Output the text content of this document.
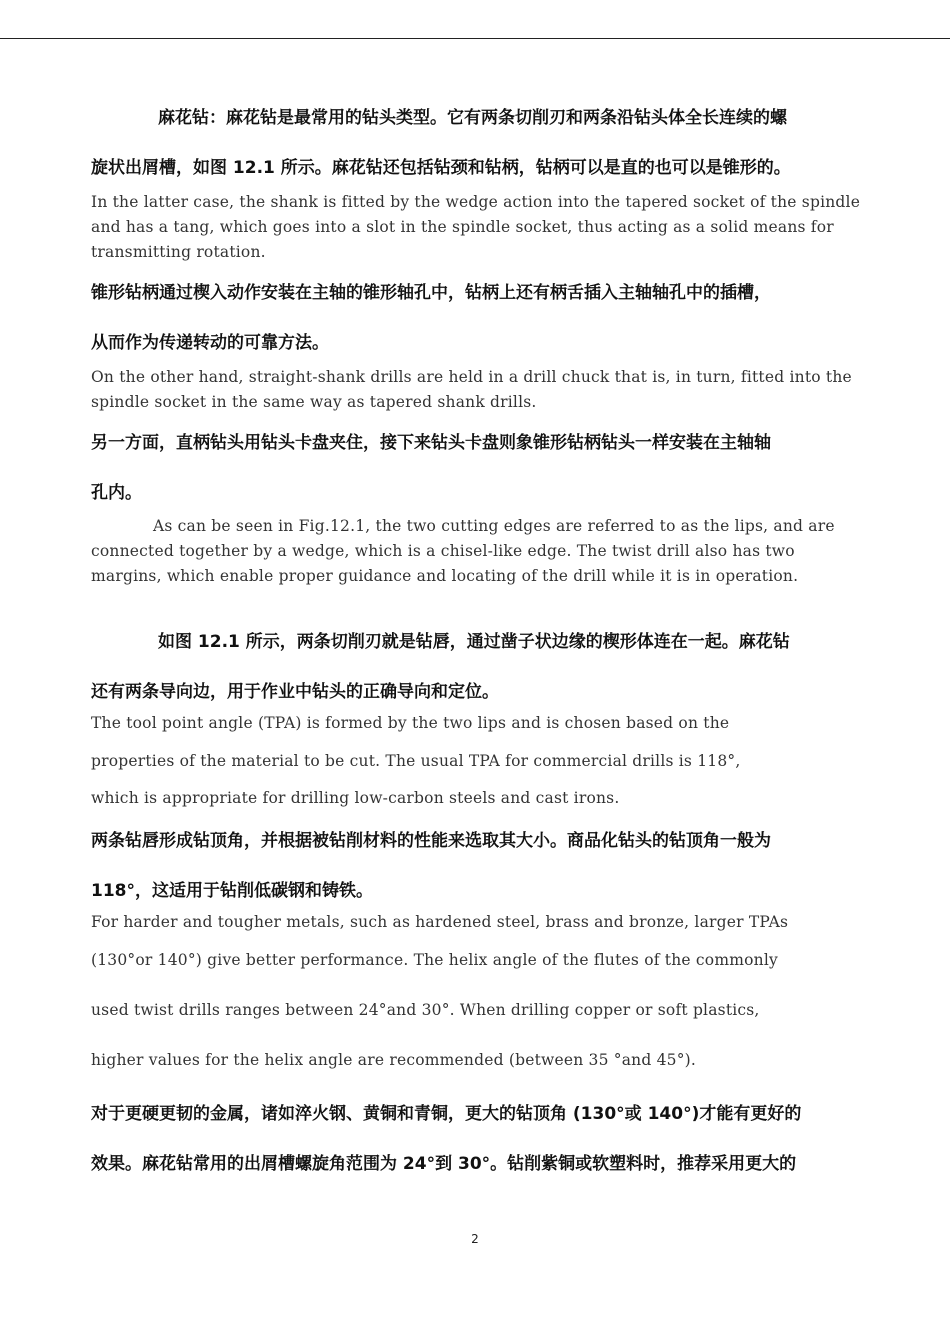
麻花钻：麻花钻是最常用的钻头类型。它有两条切削刃和两条沿钻头体全长连续的螺

旋状出屑槽，如图 12.1 所示。麻花钻还包括钻颈和钻柄，钻柄可以是直的也可以是锥形的。

In the latter case, the shank is fitted by the wedge action into the tapered socket of the spindle and has a tang, which goes into a slot in the spindle socket, thus acting as a solid means for transmitting rotation.

锥形钻柄通过楔入动作安装在主轴的锥形轴孔中，钻柄上还有柄舌插入主轴轴孔中的插槽，

从而作为传递转动的可靠方法。

On the other hand, straight-shank drills are held in a drill chuck that is, in turn, fitted into the spindle socket in the same way as tapered shank drills.

另一方面，直柄钻头用钻头卡盘夹住，接下来钻头卡盘则象锥形钻柄钻头一样安装在主轴轴

孔内。

As can be seen in Fig.12.1, the two cutting edges are referred to as the lips, and are connected together by a wedge, which is a chisel-like edge. The twist drill also has two margins, which enable proper guidance and locating of the drill while it is in operation.

如图 12.1 所示，两条切削刃就是钻唇，通过凿子状边缘的楔形体连在一起。麻花钻

还有两条导向边，用于作业中钻头的正确导向和定位。

The tool point angle (TPA) is formed by the two lips and is chosen based on the

properties of the material to be cut. The usual TPA for commercial drills is 118°,

which is appropriate for drilling low-carbon steels and cast irons.

两条钻唇形成钻顶角，并根据被钻削材料的性能来选取其大小。商品化钻头的钻顶角一般为

118°，这适用于钻削低碳钢和铸铁。

For harder and tougher metals, such as hardened steel, brass and bronze, larger TPAs

(130°or 140°) give better performance. The helix angle of the flutes of the commonly

used twist drills ranges between 24°and 30°. When drilling copper or soft plastics,

higher values for the helix angle are recommended (between 35 °and 45°).

对于更硬更韧的金属，诸如淬火钢、黄铜和青铜，更大的钻顶角 (130°或 140°)才能有更好的

效果。麻花钻常用的出屑槽螺旋角范围为 24°到 30°。钻削紫铜或软塑料时，推荐采用更大的

2
